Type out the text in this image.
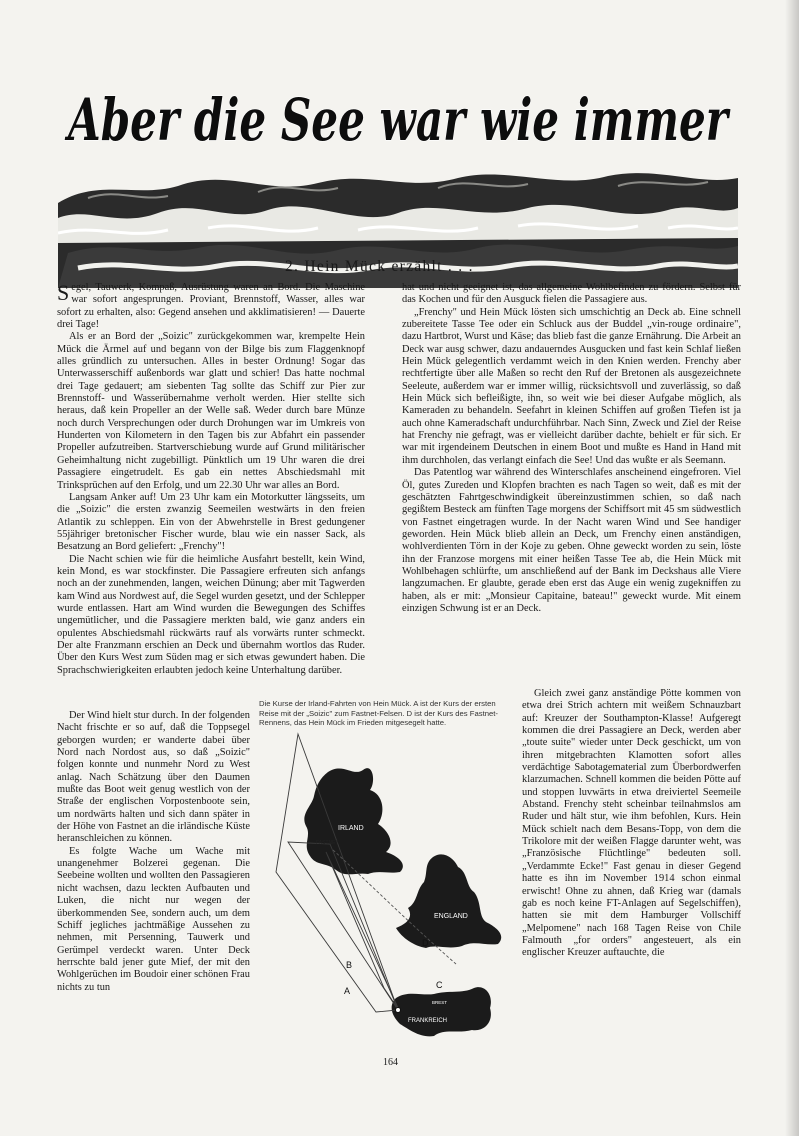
Aber die See war wie immer
2. Hein Mück erzählt . . .

Segel, Tauwerk, Kompaß, Ausrüstung waren an Bord. Die Maschine war sofort angesprungen. Proviant, Brennstoff, Wasser, alles war sofort zu erhalten, also: Gegend ansehen und akklimatisieren! — Dauerte drei Tage!

Als er an Bord der „Soizic" zurückgekommen war, krempelte Hein Mück die Ärmel auf und begann von der Bilge bis zum Flaggenknopf alles gründlich zu untersuchen. Alles in bester Ordnung! Sogar das Unterwasserschiff außenbords war glatt und schier! Das hatte nochmal drei Tage gedauert; am siebenten Tag sollte das Schiff zur Pier zur Brennstoff- und Wasserübernahme verholt werden. Hier stellte sich heraus, daß kein Propeller an der Welle saß. Weder durch bare Münze noch durch Versprechungen oder durch Drohungen war im Umkreis von Hunderten von Kilometern in den Tagen bis zur Abfahrt ein passender Propeller aufzutreiben. Startverschiebung wurde auf Grund militärischer Geheimhaltung nicht zugebilligt. Pünktlich um 19 Uhr waren die drei Passagiere eingetrudelt. Es gab ein nettes Abschiedsmahl mit Trinksprüchen auf den Erfolg, und um 22.30 Uhr war alles an Bord.

Langsam Anker auf! Um 23 Uhr kam ein Motorkutter längsseits, um die „Soizic" die ersten zwanzig Seemeilen westwärts in den freien Atlantik zu schleppen. Ein von der Abwehrstelle in Brest gedungener 55jähriger bretonischer Fischer wurde, blau wie ein nasser Sack, als Besatzung an Bord geliefert: „Frenchy"!

Die Nacht schien wie für die heimliche Ausfahrt bestellt, kein Wind, kein Mond, es war stockfinster. Die Passagiere erfreuten sich anfangs noch an der zunehmenden, langen, weichen Dünung; aber mit Tagwerden kam Wind aus Nordwest auf, die Segel wurden gesetzt, und der Schlepper wurde entlassen. Hart am Wind wurden die Bewegungen des Schiffes ungemütlicher, und die Passagiere merkten bald, wie ganz anders ein opulentes Abschiedsmahl rückwärts rauf als vorwärts runter schmeckt. Der alte Franzmann erschien an Deck und übernahm wortlos das Ruder. Über den Kurs West zum Süden mag er sich etwas gewundert haben. Die Sprachschwierigkeiten erlaubten jedoch keine Unterhaltung darüber.

Der Wind hielt stur durch. In der folgenden Nacht frischte er so auf, daß die Toppsegel geborgen wurden; er wanderte dabei über Nord nach Nordost aus, so daß „Soizic" folgen konnte und nunmehr Nord zu West anlag. Nach Schätzung über den Daumen mußte das Boot weit genug westlich von der Straße der englischen Vorpostenboote sein, um nordwärts halten und sich dann später in der Höhe von Fastnet an die irländische Küste heranschleichen zu können.

Es folgte Wache um Wache mit unangenehmer Bolzerei gegenan. Die Seebeine wollten und wollten den Passagieren nicht wachsen, dazu leckten Aufbauten und Luken, die nicht nur wegen der überkommenden See, sondern auch, um dem Schiff jegliches jachtmäßige Aussehen zu nehmen, mit Persenning, Tauwerk und Gerümpel verdeckt waren. Unter Deck herrschte bald jener gute Mief, der mit den Wohlgerüchen im Boudoir einer schönen Frau nichts zu tun

hat und nicht geeignet ist, das allgemeine Wohlbefinden zu fördern. Selbst für das Kochen und für den Ausguck fielen die Passagiere aus.

„Frenchy" und Hein Mück lösten sich umschichtig an Deck ab. Eine schnell zubereitete Tasse Tee oder ein Schluck aus der Buddel „vin-rouge ordinaire", dazu Hartbrot, Wurst und Käse; das blieb fast die ganze Ernährung. Die Arbeit an Deck war ausg schwer, dazu andauerndes Ausgucken und fast kein Schlaf ließen Hein Mück gelegentlich verdammt weich in den Knien werden. Frenchy aber rechtfertigte über alle Maßen so recht den Ruf der Bretonen als ausgezeichnete Seeleute, außerdem war er immer willig, rücksichtsvoll und zuverlässig, so daß Hein Mück sich befleißigte, ihn, so weit wie bei dieser Aufgabe möglich, als Kameraden zu behandeln. Seefahrt in kleinen Schiffen auf großen Tiefen ist ja auch ohne Kameradschaft undurchführbar. Nach Sinn, Zweck und Ziel der Reise hat Frenchy nie gefragt, was er vielleicht darüber dachte, behielt er für sich. Er war mit irgendeinem Deutschen in einem Boot und mußte es Hand in Hand mit ihm durchholen, das verlangt einfach die See! Und das wußte er als Seemann.

Das Patentlog war während des Winterschlafes anscheinend eingefroren. Viel Öl, gutes Zureden und Klopfen brachten es nach Tagen so weit, daß es mit der geschätzten Fahrtgeschwindigkeit übereinzustimmen schien, so daß nach gegißtem Besteck am fünften Tage morgens der Schiffsort mit 45 sm südwestlich von Fastnet eingetragen wurde. In der Nacht waren Wind und See handiger geworden. Hein Mück blieb allein an Deck, um Frenchy einen anständigen, wohlverdienten Törn in der Koje zu geben. Ohne geweckt worden zu sein, löste ihn der Franzose morgens mit einer heißen Tasse Tee ab, die Hein Mück mit Wohlbehagen schlürfte, um anschließend auf der Bank im Deckshaus alle Viere langzumachen. Er glaubte, gerade eben erst das Auge ein wenig zugekniffen zu haben, als er mit: „Monsieur Capitaine, bateau!" geweckt wurde. Mit einem einzigen Schwung ist er an Deck.

Gleich zwei ganz anständige Pötte kommen von etwa drei Strich achtern mit weißem Schnauzbart auf: Kreuzer der Southampton-Klasse! Aufgeregt kommen die drei Passagiere an Deck, werden aber „toute suite" wieder unter Deck geschickt, um von ihren mitgebrachten Klamotten sofort alles verdächtige Sabotagematerial zum Überbordwerfen klarzumachen. Schnell kommen die beiden Pötte auf und stoppen luvwärts in etwa dreiviertel Seemeile Abstand. Frenchy steht scheinbar teilnahmslos am Ruder und hält stur, wie ihm befohlen, Kurs. Hein Mück schielt nach dem Besans-Topp, von dem die Trikolore mit der weißen Flagge darunter weht, was „Französische Flüchtlinge" bedeuten soll. „Verdammte Ecke!" Fast genau in dieser Gegend hatte es ihn im November 1914 schon einmal erwischt! Ohne zu ahnen, daß Krieg war (damals gab es noch keine FT-Anlagen auf Segelschiffen), hatten sie mit dem Hamburger Vollschiff „Melpomene" nach 168 Tagen Reise von Chile Falmouth „for orders" angesteuert, als ein englischer Kreuzer auftauchte, die

Die Kurse der Irland-Fahrten von Hein Mück. A ist der Kurs der ersten Reise mit der „Soizic" zum Fastnet-Felsen. D ist der Kurs des Fastnet-Rennens, das Hein Mück im Frieden mitgesegelt hatte.
IRLAND
FASTNET
ENGLAND
FRANKREICH
BREST
A
B
C
D
164
